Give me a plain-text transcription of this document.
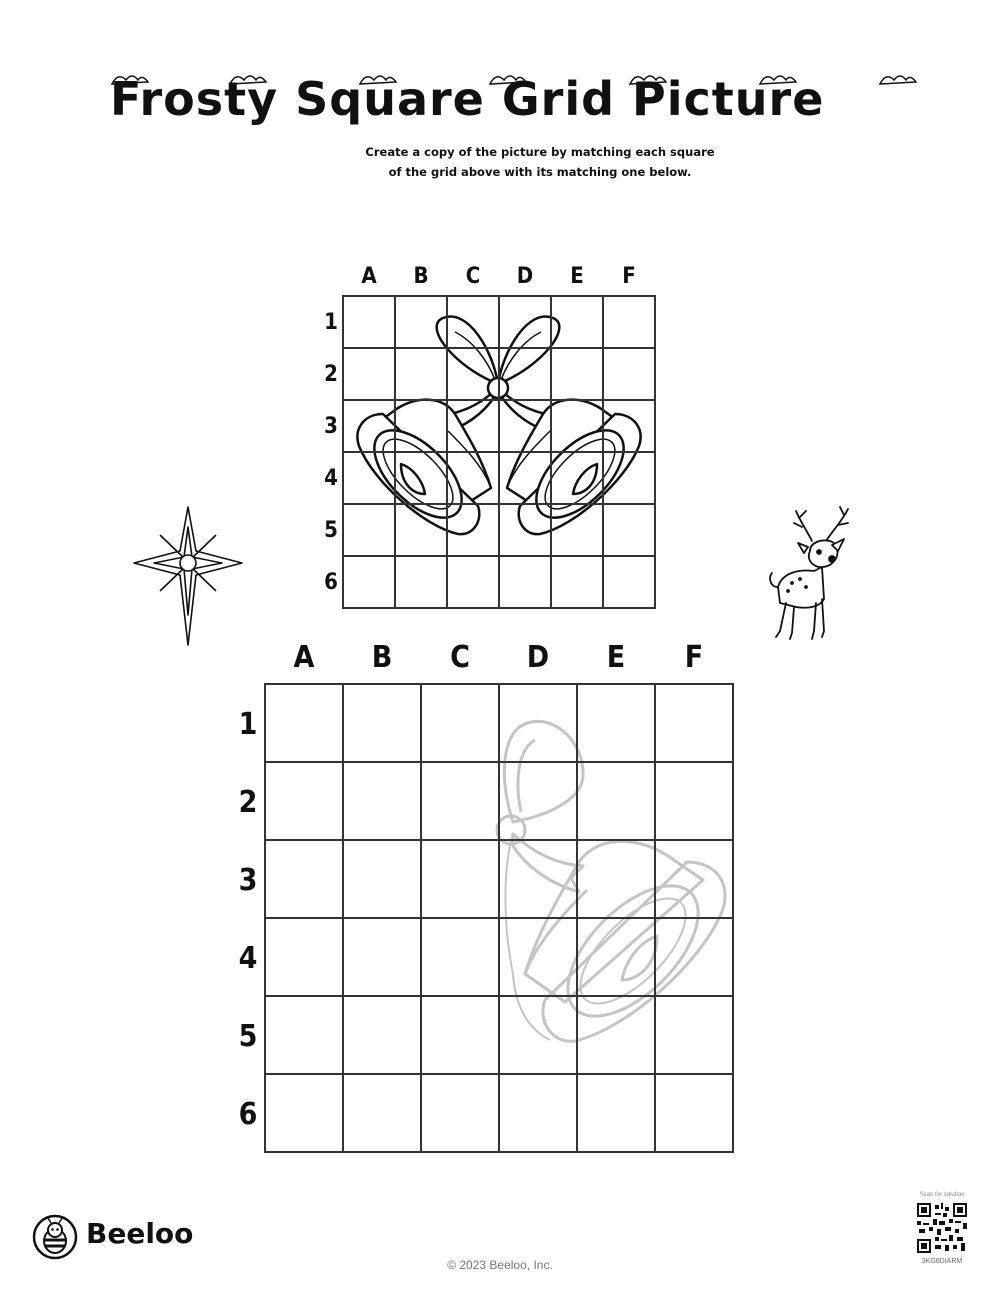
Frosty Square Grid Picture
Create a copy of the picture by matching each square
of the grid above with its matching one below.
A	B	C	D	E	F
1
2
3
4
5
6
A	B	C	D	E	F
1
2
3
4
5
6
Beeloo
© 2023 Beeloo, Inc.
Scan for solution
3KG6DIARM
